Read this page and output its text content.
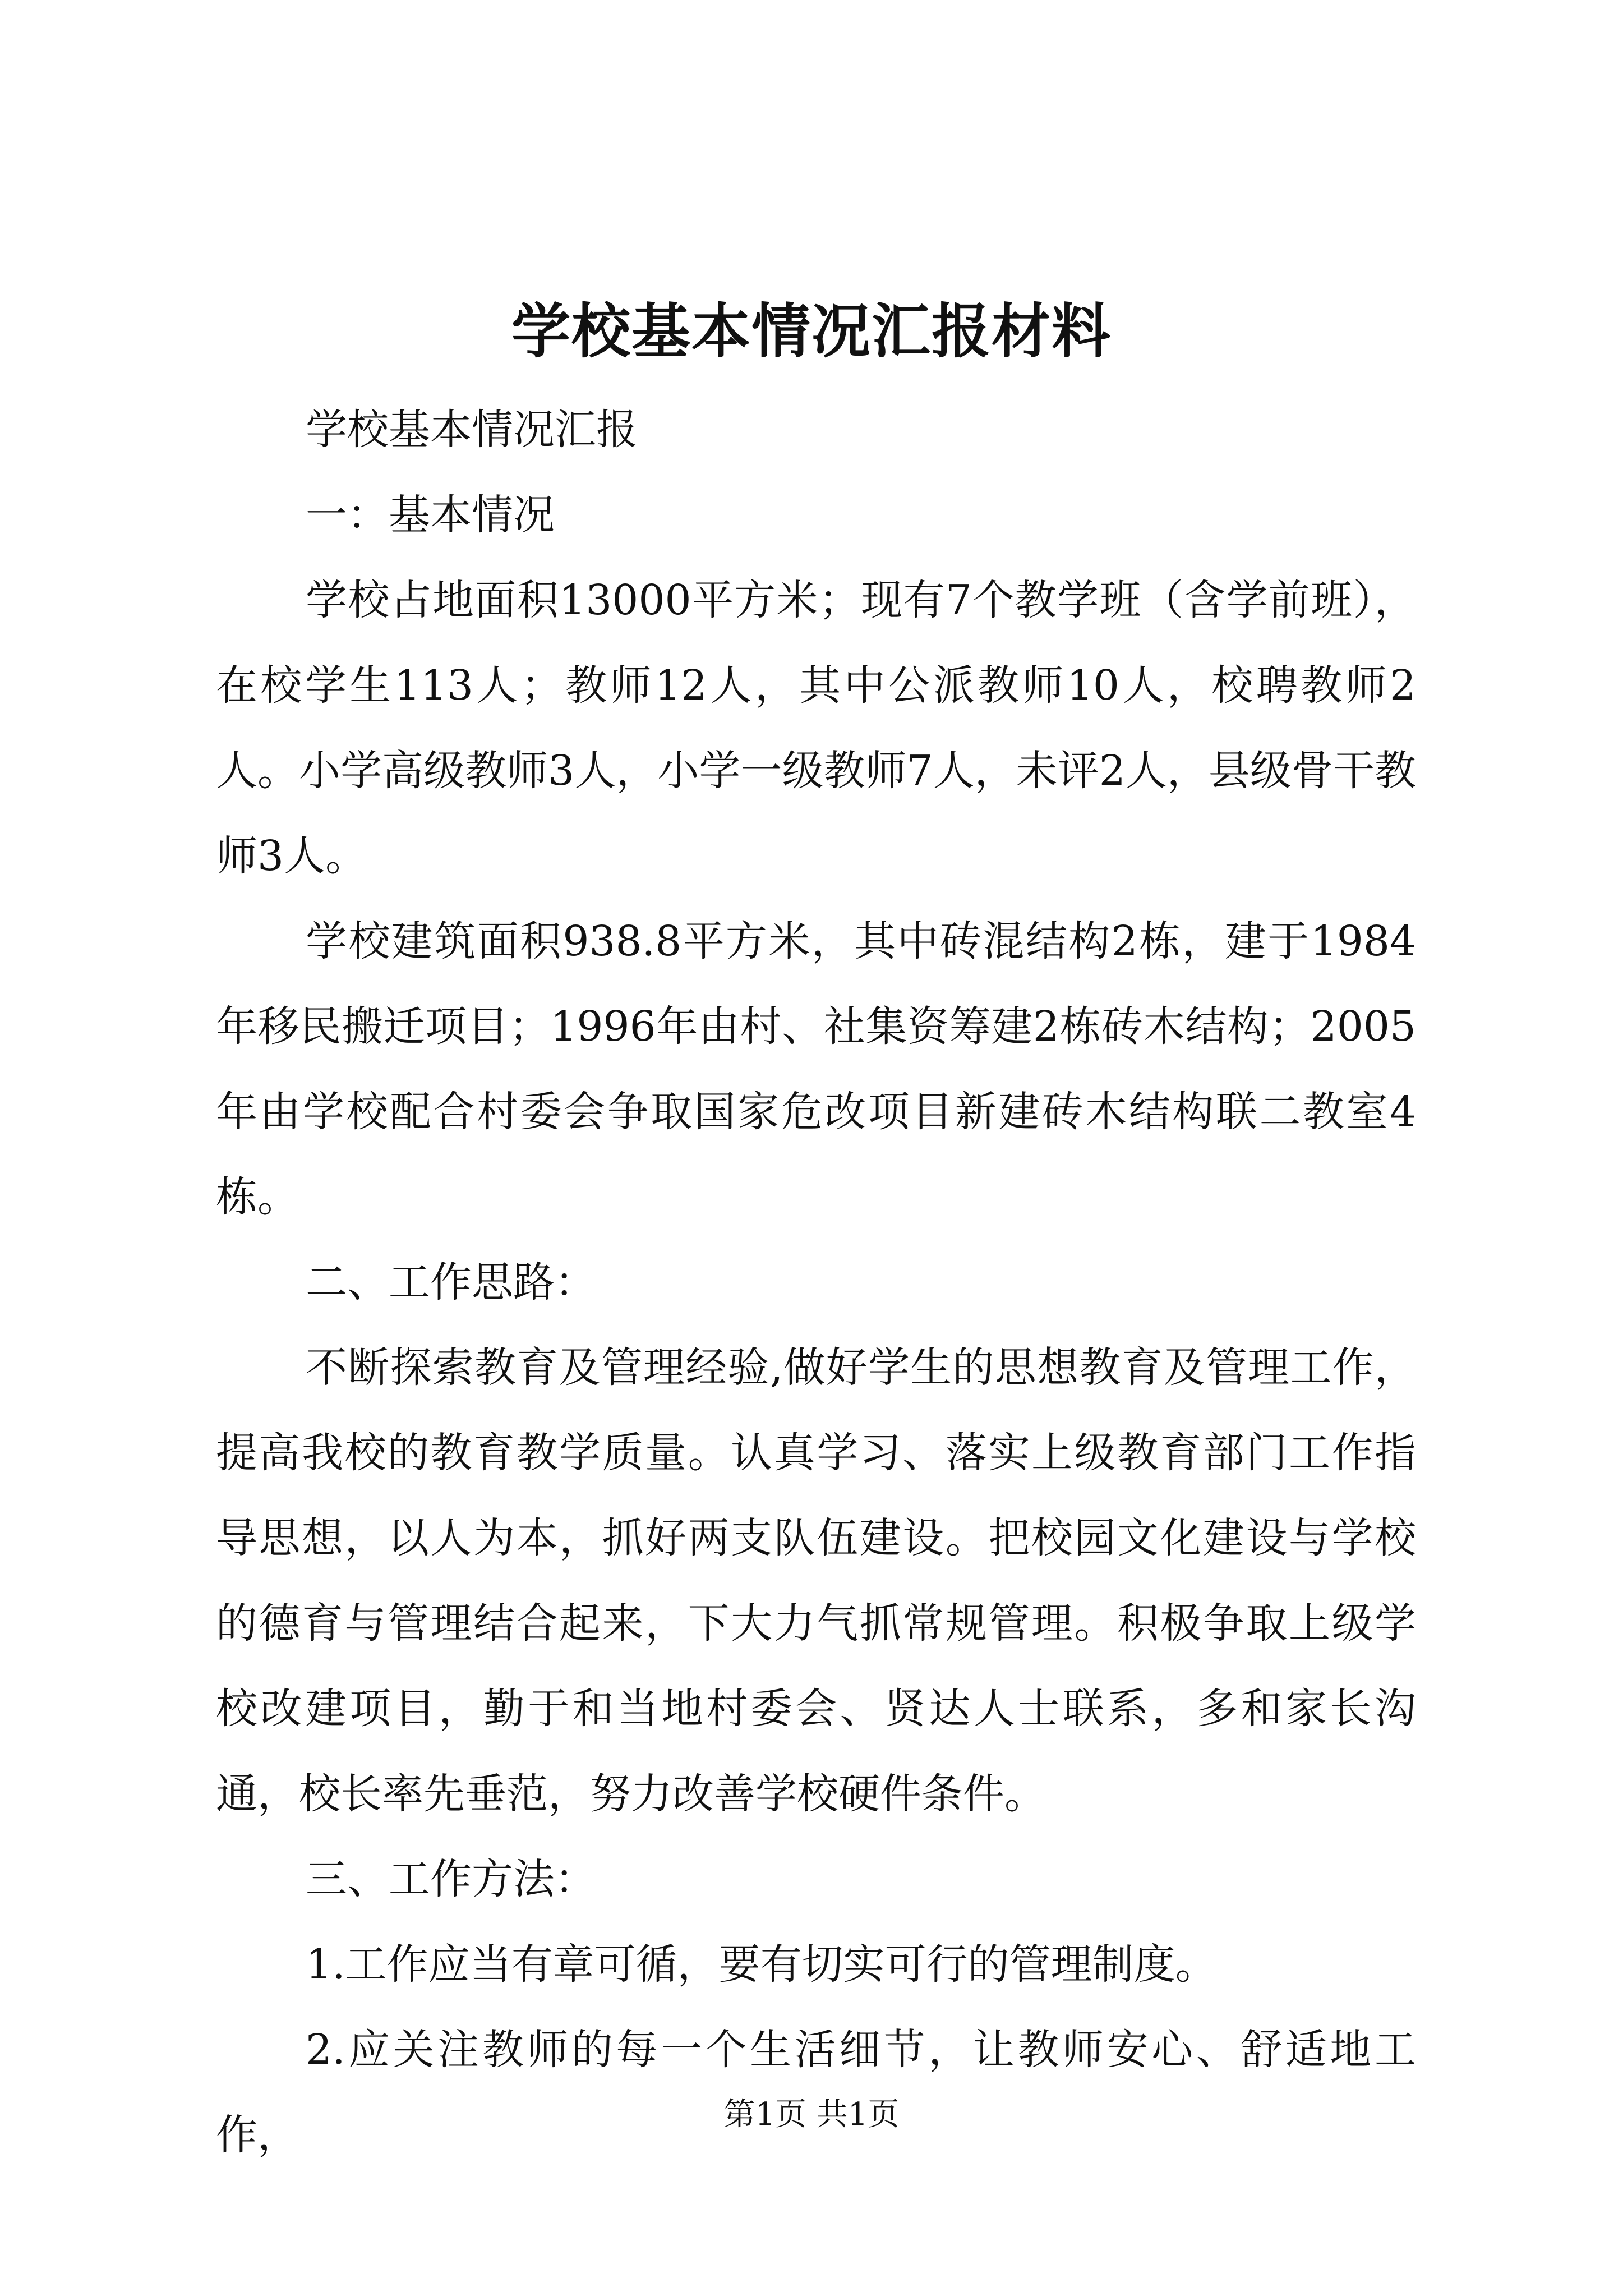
学校基本情况汇报材料

学校基本情况汇报

一：基本情况

学校占地面积13000平方米；现有7个教学班（含学前班），在校学生113人；教师12人，其中公派教师10人，校聘教师2人。小学高级教师3人，小学一级教师7人，未评2人，县级骨干教师3人。

学校建筑面积938.8平方米，其中砖混结构2栋，建于1984年移民搬迁项目；1996年由村、社集资筹建2栋砖木结构；2005年由学校配合村委会争取国家危改项目新建砖木结构联二教室4栋。

二、工作思路：

不断探索教育及管理经验,做好学生的思想教育及管理工作，提高我校的教育教学质量。认真学习、落实上级教育部门工作指导思想，以人为本，抓好两支队伍建设。把校园文化建设与学校的德育与管理结合起来，下大力气抓常规管理。积极争取上级学校改建项目，勤于和当地村委会、贤达人士联系，多和家长沟通，校长率先垂范，努力改善学校硬件条件。

三、工作方法：

1.工作应当有章可循，要有切实可行的管理制度。

2.应关注教师的每一个生活细节，让教师安心、舒适地工作，	第1页 共1页
